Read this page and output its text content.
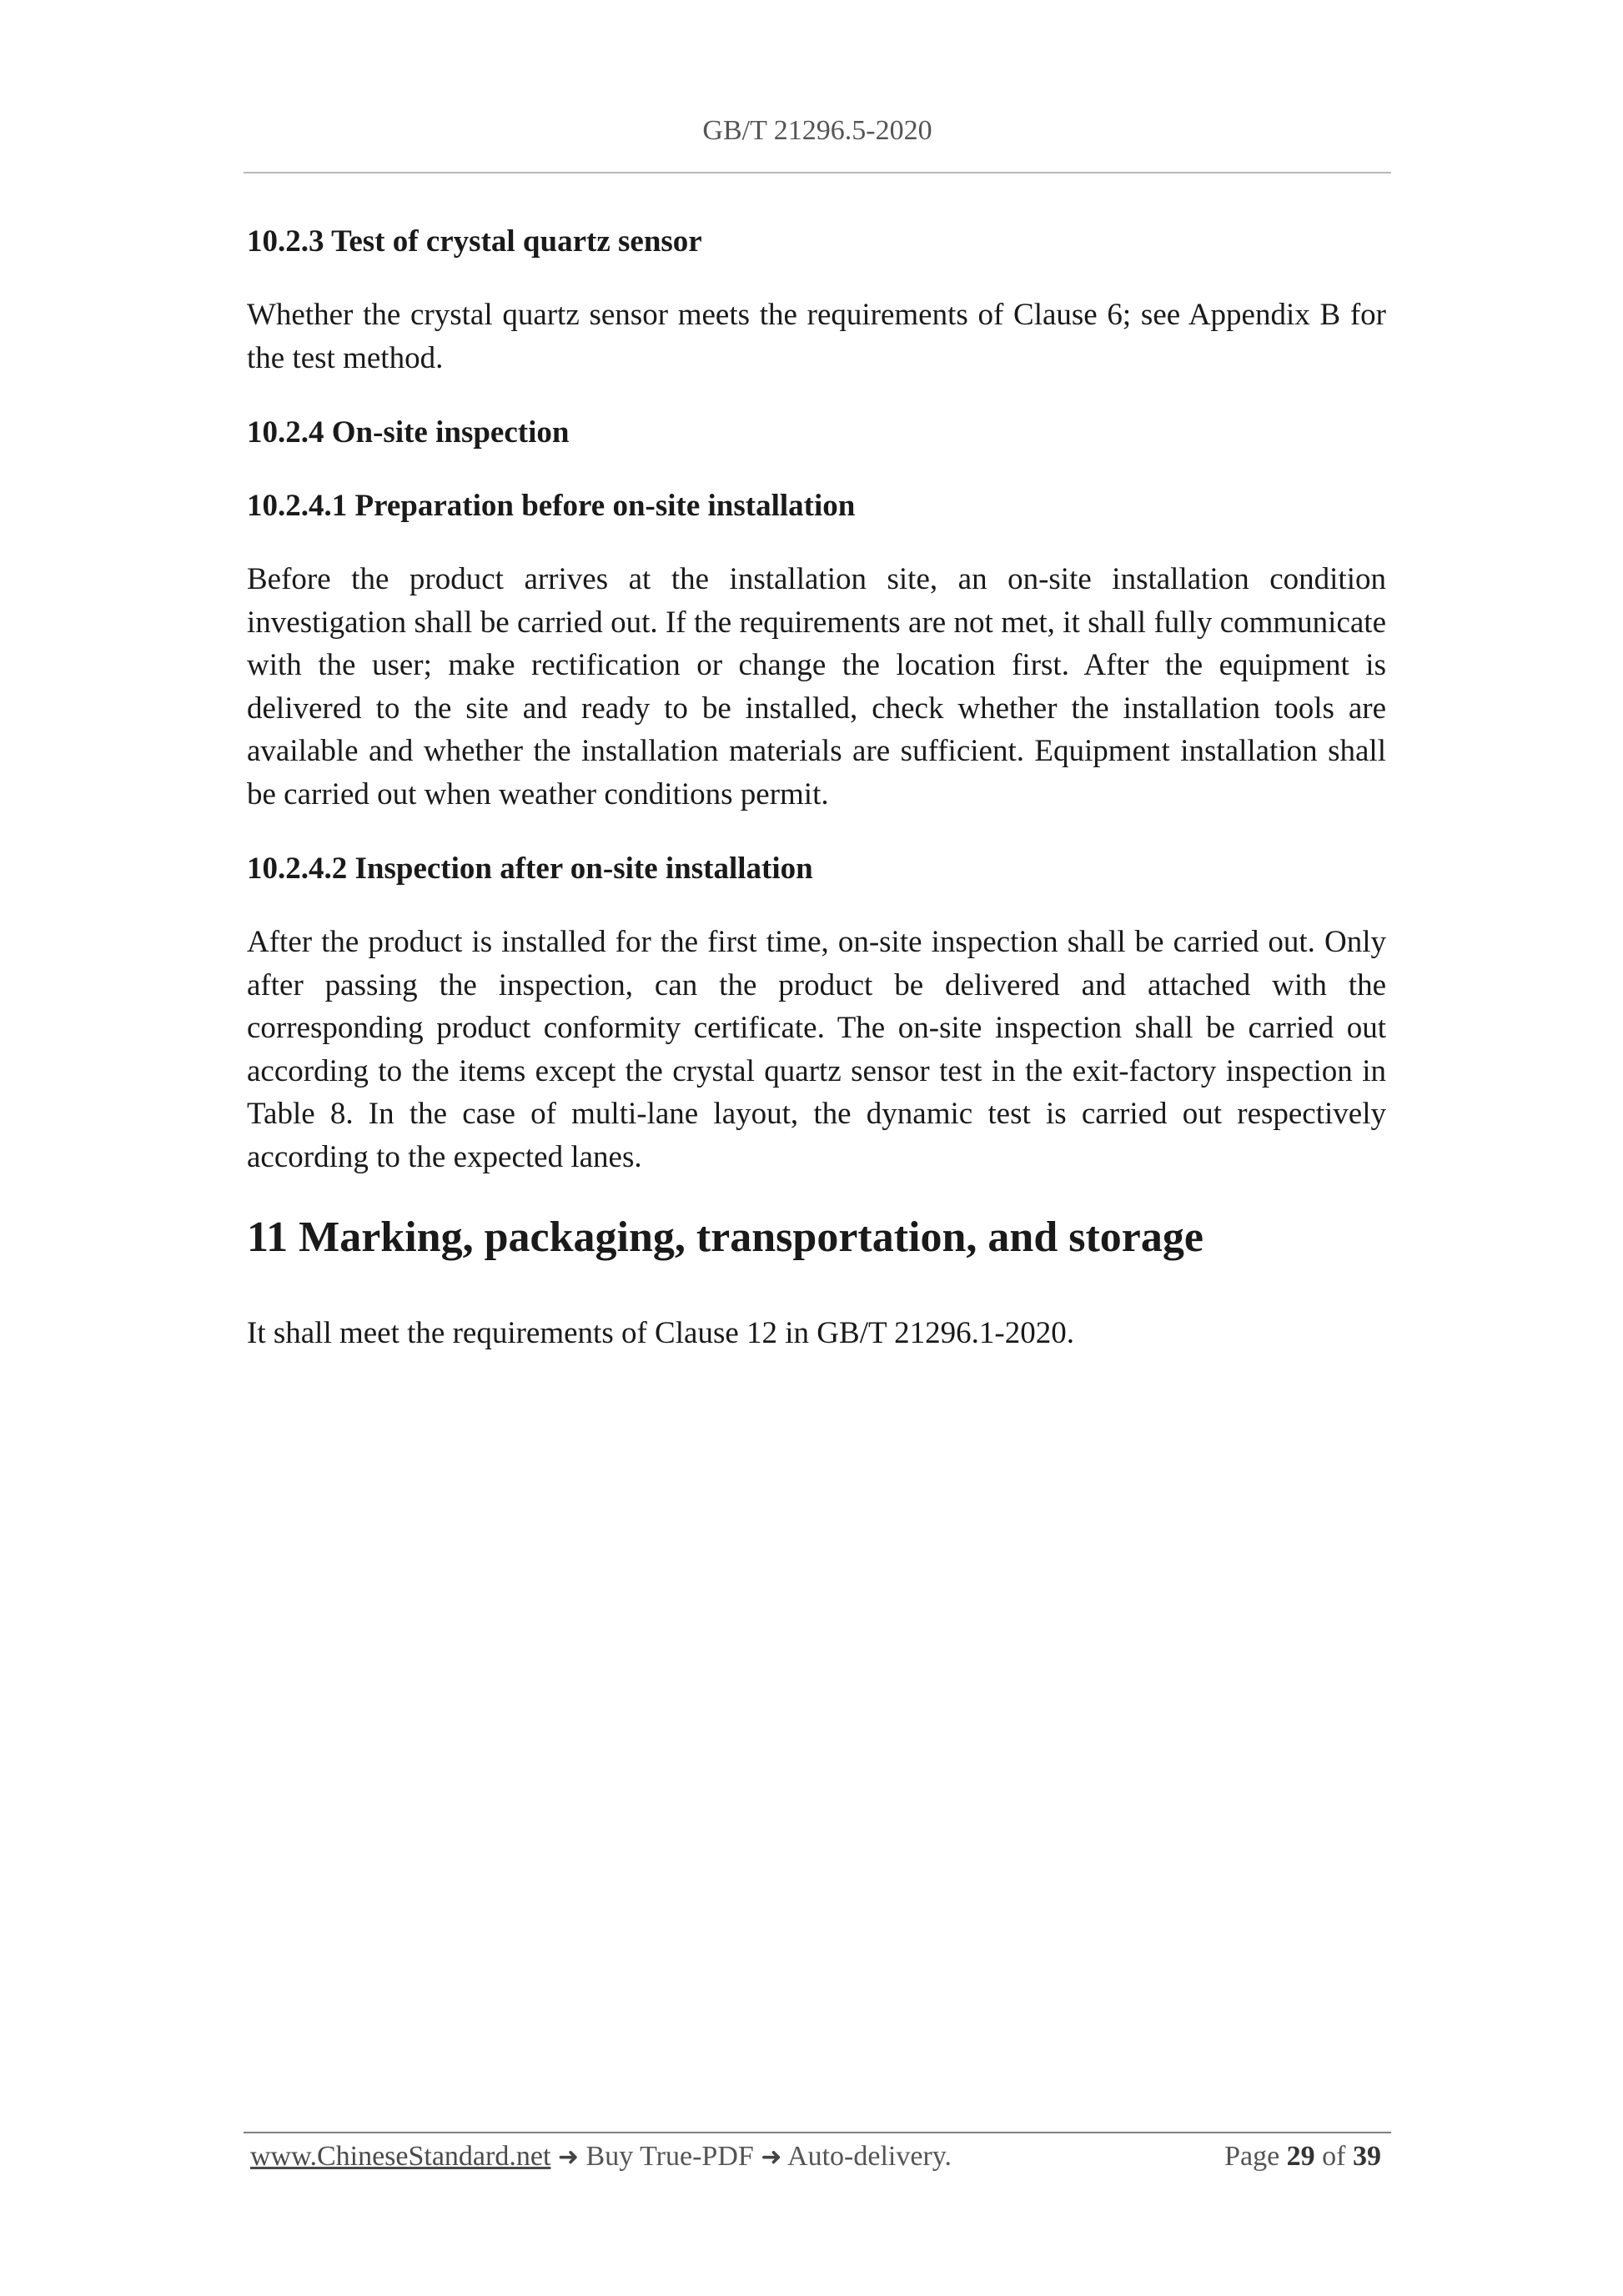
GB/T 21296.5-2020
10.2.3 Test of crystal quartz sensor

Whether the crystal quartz sensor meets the requirements of Clause 6; see Appendix B for the test method.

10.2.4 On-site inspection
10.2.4.1 Preparation before on-site installation

Before the product arrives at the installation site, an on-site installation condition investigation shall be carried out. If the requirements are not met, it shall fully communicate with the user; make rectification or change the location first. After the equipment is delivered to the site and ready to be installed, check whether the installation tools are available and whether the installation materials are sufficient. Equipment installation shall be carried out when weather conditions permit.

10.2.4.2 Inspection after on-site installation

After the product is installed for the first time, on-site inspection shall be carried out. Only after passing the inspection, can the product be delivered and attached with the corresponding product conformity certificate. The on-site inspection shall be carried out according to the items except the crystal quartz sensor test in the exit-factory inspection in Table 8. In the case of multi-lane layout, the dynamic test is carried out respectively according to the expected lanes.

11 Marking, packaging, transportation, and storage

It shall meet the requirements of Clause 12 in GB/T 21296.1-2020.

www.ChineseStandard.net ➜ Buy True-PDF ➜ Auto-delivery.	Page 29 of 39
